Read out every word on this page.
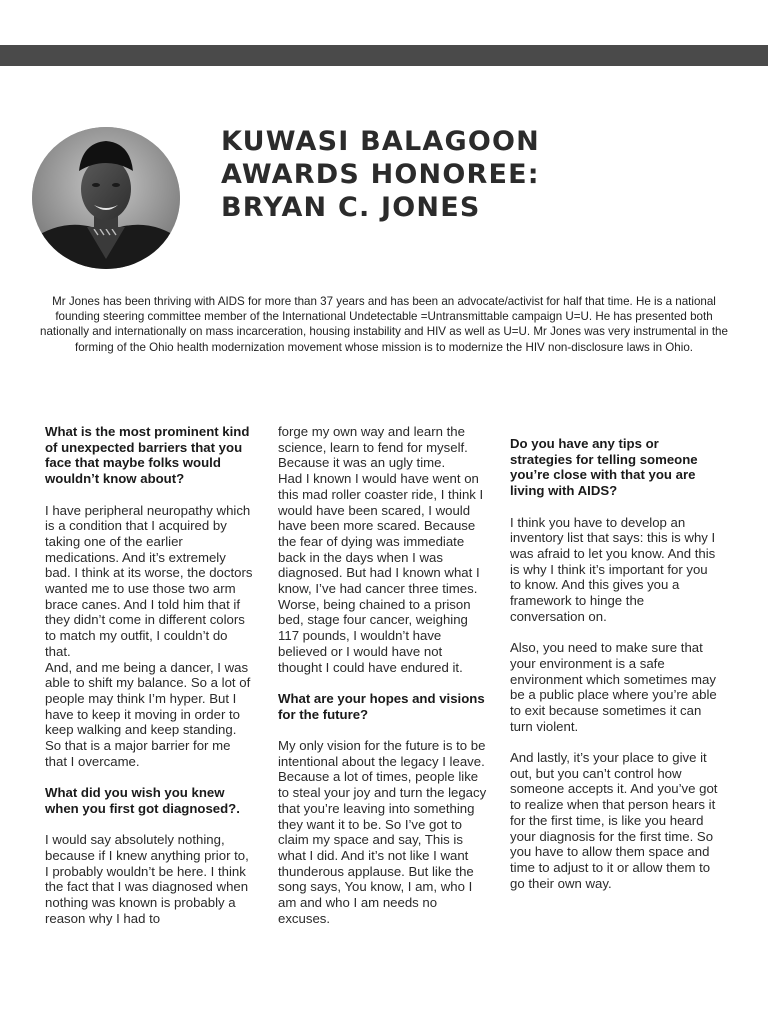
KUWASI BALAGOON
AWARDS HONOREE:
BRYAN C. JONES

Mr Jones has been thriving with AIDS for more than 37 years and has been an advocate/activist for half that time. He is a national founding steering committee member of the International Undetectable =Untransmittable campaign U=U. He has presented both nationally and internationally on mass incarceration, housing instability and HIV as well as U=U. Mr Jones was very instrumental in the forming of the Ohio health modernization movement whose mission is to modernize the HIV non-disclosure laws in Ohio.

What is the most prominent kind of unexpected barriers that you face that maybe folks would wouldn’t know about?

I have peripheral neuropathy which is a condition that I acquired by taking one of the earlier medications. And it’s extremely bad. I think at its worse, the doctors wanted me to use those two arm brace canes. And I told him that if they didn’t come in different colors to match my outfit, I couldn’t do that.

And, and me being a dancer, I was able to shift my balance. So a lot of people may think I’m hyper. But I have to keep it moving in order to keep walking and keep standing. So that is a major barrier for me that I overcame.

What did you wish you knew when you first got diagnosed?.

I would say absolutely nothing, because if I knew anything prior to, I probably wouldn’t be here. I think the fact that I was diagnosed when nothing was known is probably a reason why I had to

forge my own way and learn the science, learn to fend for myself. Because it was an ugly time.

Had I known I would have went on this mad roller coaster ride, I think I would have been scared, I would have been more scared. Because the fear of dying was immediate back in the days when I was diagnosed. But had I known what I know, I’ve had cancer three times. Worse, being chained to a prison bed, stage four cancer, weighing 117 pounds, I wouldn’t have believed or I would have not thought I could have endured it.

What are your hopes and visions for the future?

My only vision for the future is to be intentional about the legacy I leave. Because a lot of times, people like to steal your joy and turn the legacy that you’re leaving into something they want it to be. So I’ve got to claim my space and say, This is what I did. And it’s not like I want thunderous applause. But like the song says, You know, I am, who I am and who I am needs no excuses.

Do you have any tips or strategies for telling someone you’re close with that you are living with AIDS?

I think you have to develop an inventory list that says: this is why I was afraid to let you know. And this is why I think it’s important for you to know. And this gives you a framework to hinge the conversation on.

Also, you need to make sure that your environment is a safe environment which sometimes may be a public place where you’re able to exit because sometimes it can turn violent.

And lastly, it’s your place to give it out, but you can’t control how someone accepts it. And you’ve got to realize when that person hears it for the first time, is like you heard your diagnosis for the first time. So you have to allow them space and time to adjust to it or allow them to go their own way.
